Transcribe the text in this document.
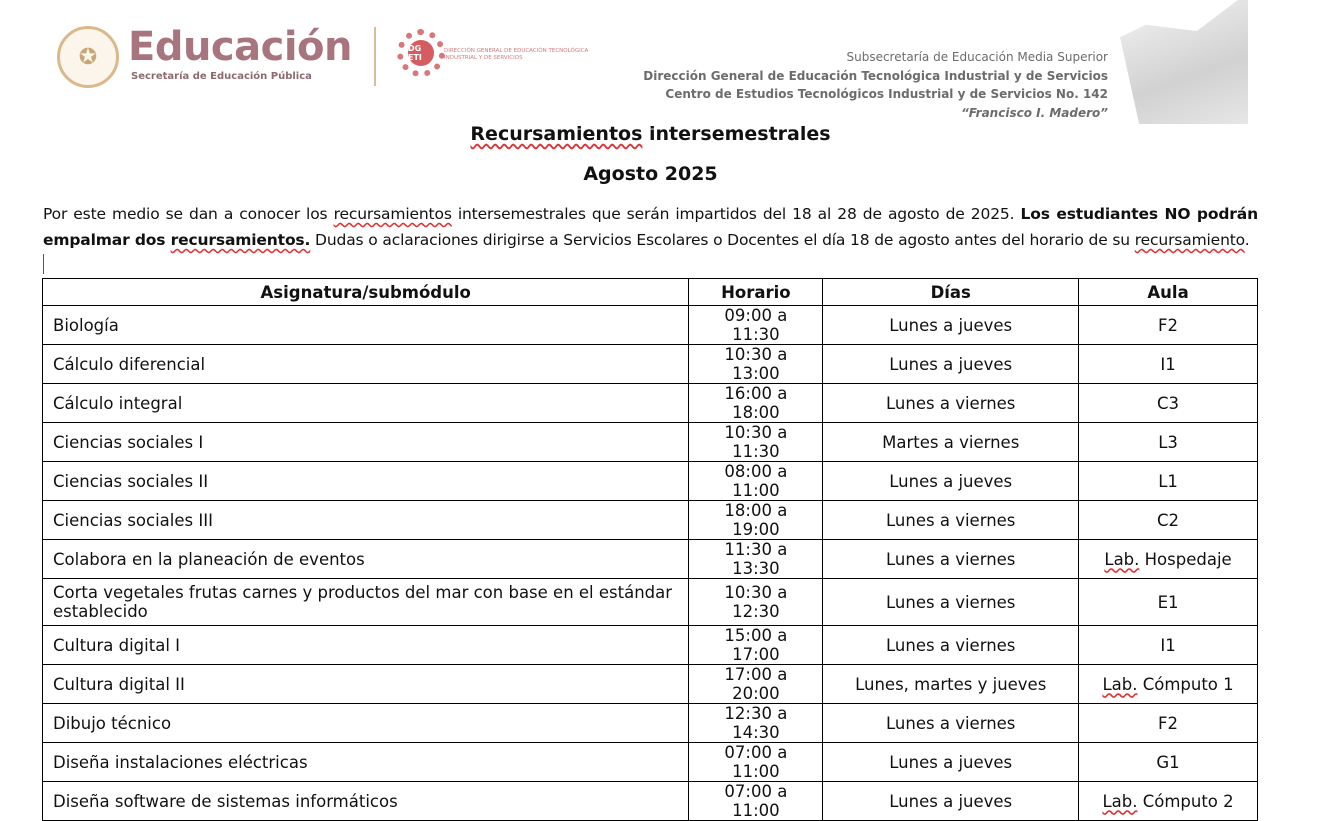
✪ Educación
Secretaría de Educación Pública
DG ETI
DIRECCIÓN GENERAL DE EDUCACIÓN TECNOLÓGICA INDUSTRIAL Y DE SERVICIOS	Subsecretaría de Educación Media Superior
Dirección General de Educación Tecnológica Industrial y de Servicios
Centro de Estudios Tecnológicos Industrial y de Servicios No. 142
“Francisco I. Madero”
Recursamientos intersemestrales
Agosto 2025
Por este medio se dan a conocer los recursamientos intersemestrales que serán impartidos del 18 al 28 de agosto de 2025. Los estudiantes NO podrán empalmar dos recursamientos. Dudas o aclaraciones dirigirse a Servicios Escolares o Docentes el día 18 de agosto antes del horario de su recursamiento.
Asignatura/submódulo	Horario	Días	Aula
Biología	09:00 a 11:30	Lunes a jueves	F2
Cálculo diferencial	10:30 a 13:00	Lunes a jueves	I1
Cálculo integral	16:00 a 18:00	Lunes a viernes	C3
Ciencias sociales I	10:30 a 11:30	Martes a viernes	L3
Ciencias sociales II	08:00 a 11:00	Lunes a jueves	L1
Ciencias sociales III	18:00 a 19:00	Lunes a viernes	C2
Colabora en la planeación de eventos	11:30 a 13:30	Lunes a viernes	Lab. Hospedaje
Corta vegetales frutas carnes y productos del mar con base en el estándar establecido	10:30 a 12:30	Lunes a viernes	E1
Cultura digital I	15:00 a 17:00	Lunes a viernes	I1
Cultura digital II	17:00 a 20:00	Lunes, martes y jueves	Lab. Cómputo 1
Dibujo técnico	12:30 a 14:30	Lunes a viernes	F2
Diseña instalaciones eléctricas	07:00 a 11:00	Lunes a jueves	G1
Diseña software de sistemas informáticos	07:00 a 11:00	Lunes a jueves	Lab. Cómputo 2
